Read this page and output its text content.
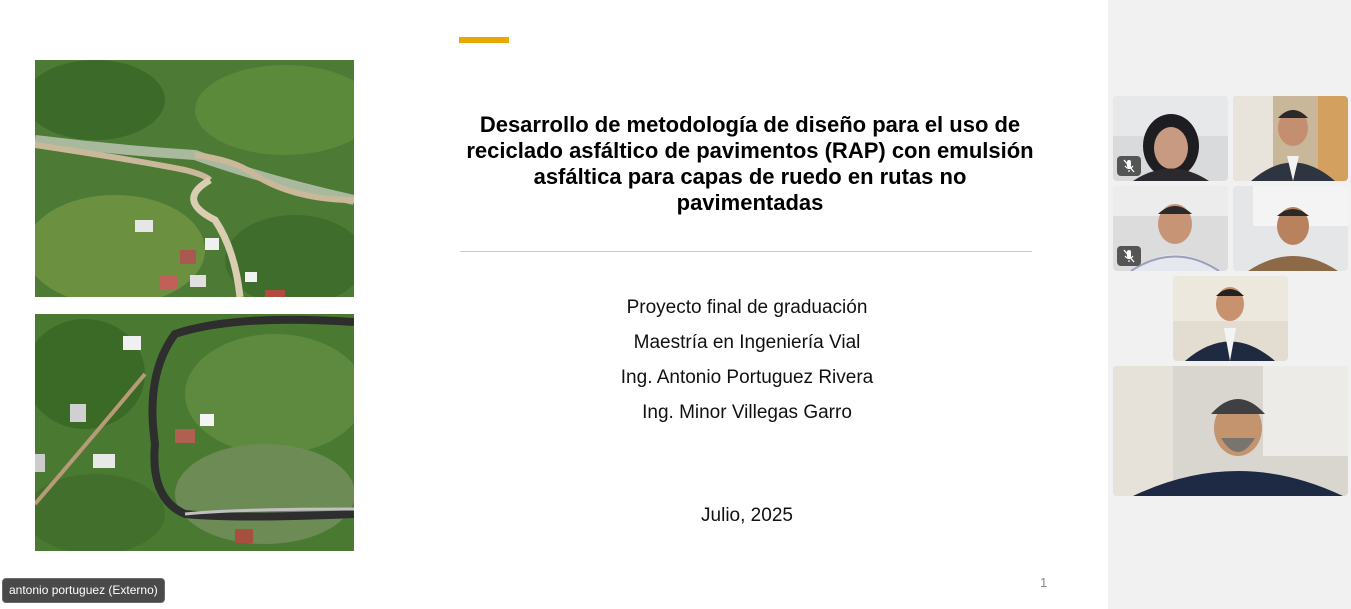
Desarrollo de metodología de diseño para el uso de reciclado asfáltico de pavimentos (RAP) con emulsión asfáltica para capas de ruedo en rutas no pavimentadas
Proyecto final de graduación
Maestría en Ingeniería Vial
Ing. Antonio Portuguez Rivera
Ing. Minor Villegas Garro
Julio, 2025
1
antonio portuguez (Externo)
